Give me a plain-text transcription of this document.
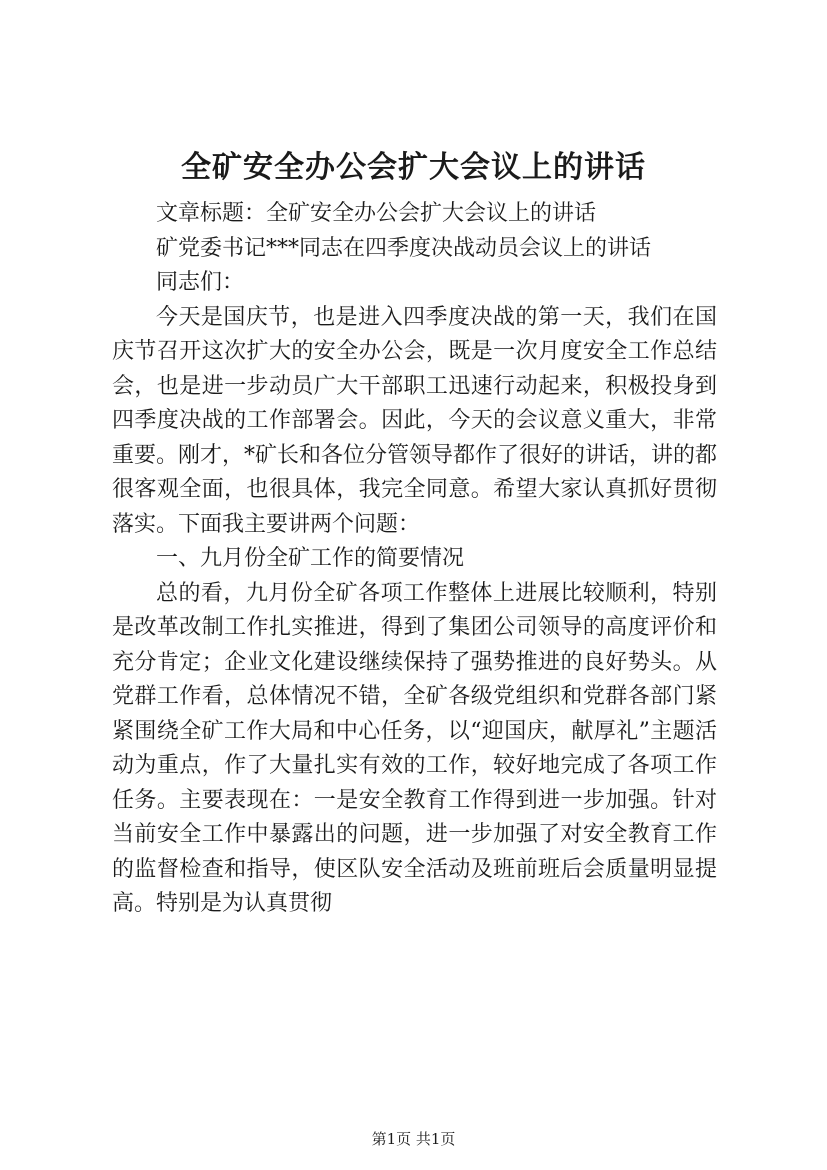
全矿安全办公会扩大会议上的讲话

文章标题：全矿安全办公会扩大会议上的讲话

矿党委书记***同志在四季度决战动员会议上的讲话

同志们：

今天是国庆节，也是进入四季度决战的第一天，我们在国庆节召开这次扩大的安全办公会，既是一次月度安全工作总结会，也是进一步动员广大干部职工迅速行动起来，积极投身到四季度决战的工作部署会。因此，今天的会议意义重大，非常重要。刚才，*矿长和各位分管领导都作了很好的讲话，讲的都很客观全面，也很具体，我完全同意。希望大家认真抓好贯彻落实。下面我主要讲两个问题：

一、九月份全矿工作的简要情况

总的看，九月份全矿各项工作整体上进展比较顺利，特别是改革改制工作扎实推进，得到了集团公司领导的高度评价和充分肯定；企业文化建设继续保持了强势推进的良好势头。从党群工作看，总体情况不错，全矿各级党组织和党群各部门紧紧围绕全矿工作大局和中心任务，以“迎国庆，献厚礼”主题活动为重点，作了大量扎实有效的工作，较好地完成了各项工作任务。主要表现在：一是安全教育工作得到进一步加强。针对当前安全工作中暴露出的问题，进一步加强了对安全教育工作的监督检查和指导，使区队安全活动及班前班后会质量明显提高。特别是为认真贯彻

第1页 共1页
